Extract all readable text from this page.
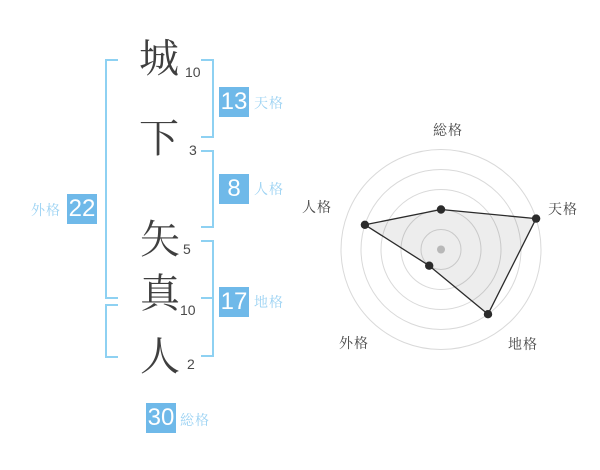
城
下
矢
真
人
10
3
5
10
2
13 天格
8 人格
17 地格
外格 22
30 総格
総格
天格
地格
外格
人格
